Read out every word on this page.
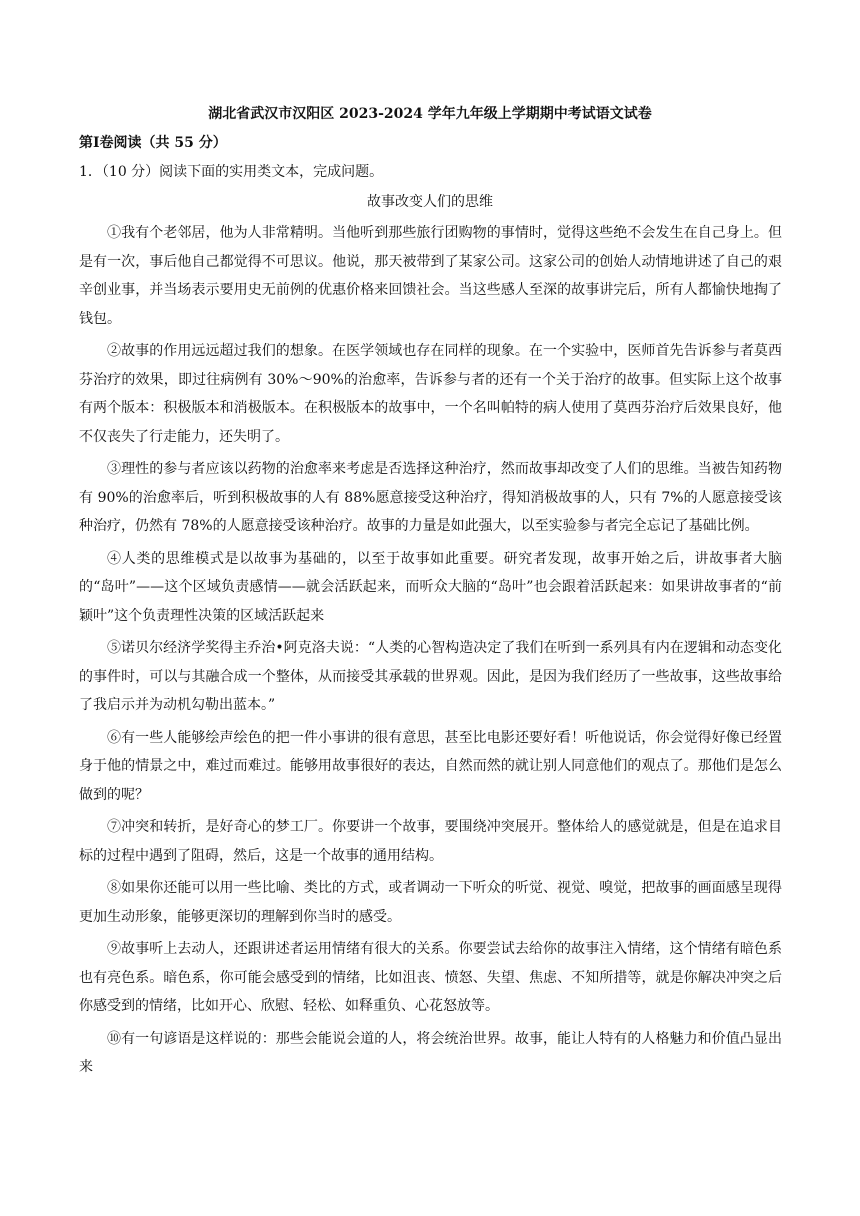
湖北省武汉市汉阳区 2023-2024 学年九年级上学期期中考试语文试卷
第Ⅰ卷阅读（共 55 分）
1．（10 分）阅读下面的实用类文本，完成问题。
故事改变人们的思维

①我有个老邻居，他为人非常精明。当他听到那些旅行团购物的事情时，觉得这些绝不会发生在自己身上。但是有一次，事后他自己都觉得不可思议。他说，那天被带到了某家公司。这家公司的创始人动情地讲述了自己的艰辛创业事，并当场表示要用史无前例的优惠价格来回馈社会。当这些感人至深的故事讲完后，所有人都愉快地掏了钱包。

②故事的作用远远超过我们的想象。在医学领域也存在同样的现象。在一个实验中，医师首先告诉参与者莫西芬治疗的效果，即过往病例有 30%～90%的治愈率，告诉参与者的还有一个关于治疗的故事。但实际上这个故事有两个版本：积极版本和消极版本。在积极版本的故事中，一个名叫帕特的病人使用了莫西芬治疗后效果良好，他不仅丧失了行走能力，还失明了。

③理性的参与者应该以药物的治愈率来考虑是否选择这种治疗，然而故事却改变了人们的思维。当被告知药物有 90%的治愈率后，听到积极故事的人有 88%愿意接受这种治疗，得知消极故事的人，只有 7%的人愿意接受该种治疗，仍然有 78%的人愿意接受该种治疗。故事的力量是如此强大，以至实验参与者完全忘记了基础比例。

④人类的思维模式是以故事为基础的，以至于故事如此重要。研究者发现，故事开始之后，讲故事者大脑的“岛叶”——这个区域负责感情——就会活跃起来，而听众大脑的“岛叶”也会跟着活跃起来：如果讲故事者的“前颖叶”这个负责理性决策的区域活跃起来

⑤诺贝尔经济学奖得主乔治•阿克洛夫说：“人类的心智构造决定了我们在听到一系列具有内在逻辑和动态变化的事件时，可以与其融合成一个整体，从而接受其承载的世界观。因此，是因为我们经历了一些故事，这些故事给了我启示并为动机勾勒出蓝本。”

⑥有一些人能够绘声绘色的把一件小事讲的很有意思，甚至比电影还要好看！听他说话，你会觉得好像已经置身于他的情景之中，难过而难过。能够用故事很好的表达，自然而然的就让别人同意他们的观点了。那他们是怎么做到的呢？

⑦冲突和转折，是好奇心的梦工厂。你要讲一个故事，要围绕冲突展开。整体给人的感觉就是，但是在追求目标的过程中遇到了阻碍，然后，这是一个故事的通用结构。

⑧如果你还能可以用一些比喻、类比的方式，或者调动一下听众的听觉、视觉、嗅觉，把故事的画面感呈现得更加生动形象，能够更深切的理解到你当时的感受。

⑨故事听上去动人，还跟讲述者运用情绪有很大的关系。你要尝试去给你的故事注入情绪，这个情绪有暗色系也有亮色系。暗色系，你可能会感受到的情绪，比如沮丧、愤怒、失望、焦虑、不知所措等，就是你解决冲突之后你感受到的情绪，比如开心、欣慰、轻松、如释重负、心花怒放等。

⑩有一句谚语是这样说的：那些会能说会道的人，将会统治世界。故事，能让人特有的人格魅力和价值凸显出来
